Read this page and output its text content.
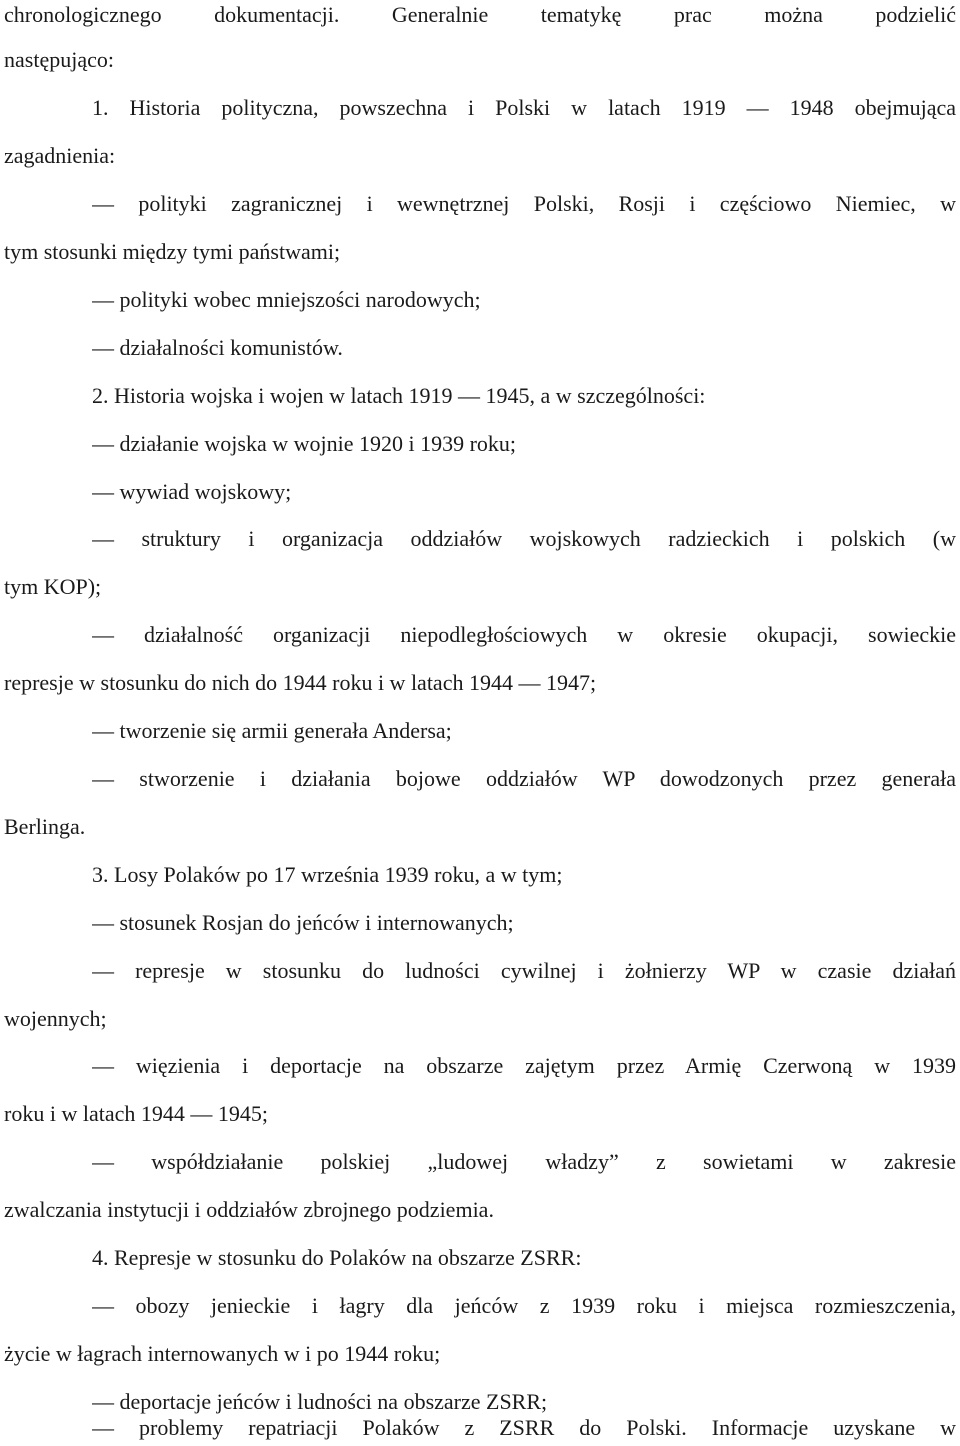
chronologicznego dokumentacji. Generalnie tematykę prac można podzielić
następująco:
1. Historia polityczna, powszechna i Polski w latach 1919 — 1948 obejmująca
zagadnienia:
— polityki zagranicznej i wewnętrznej Polski, Rosji i częściowo Niemiec, w
tym stosunki między tymi państwami;
— polityki wobec mniejszości narodowych;
— działalności komunistów.
2. Historia wojska i wojen w latach 1919 — 1945, a w szczególności:
— działanie wojska w wojnie 1920 i 1939 roku;
— wywiad wojskowy;
— struktury i organizacja oddziałów wojskowych radzieckich i polskich (w
tym KOP);
— działalność organizacji niepodległościowych w okresie okupacji, sowieckie
represje w stosunku do nich do 1944 roku i w latach 1944 — 1947;
— tworzenie się armii generała Andersa;
— stworzenie i działania bojowe oddziałów WP dowodzonych przez generała
Berlinga.
3. Losy Polaków po 17 września 1939 roku, a w tym;
— stosunek Rosjan do jeńców i internowanych;
— represje w stosunku do ludności cywilnej i żołnierzy WP w czasie działań
wojennych;
— więzienia i deportacje na obszarze zajętym przez Armię Czerwoną w 1939
roku i w latach 1944 — 1945;
— współdziałanie polskiej „ludowej władzy” z sowietami w zakresie
zwalczania instytucji i oddziałów zbrojnego podziemia.
4. Represje w stosunku do Polaków na obszarze ZSRR:
— obozy jenieckie i łagry dla jeńców z 1939 roku i miejsca rozmieszczenia,
życie w łagrach internowanych w i po 1944 roku;
— deportacje jeńców i ludności na obszarze ZSRR;
— problemy repatriacji Polaków z ZSRR do Polski. Informacje uzyskane w
